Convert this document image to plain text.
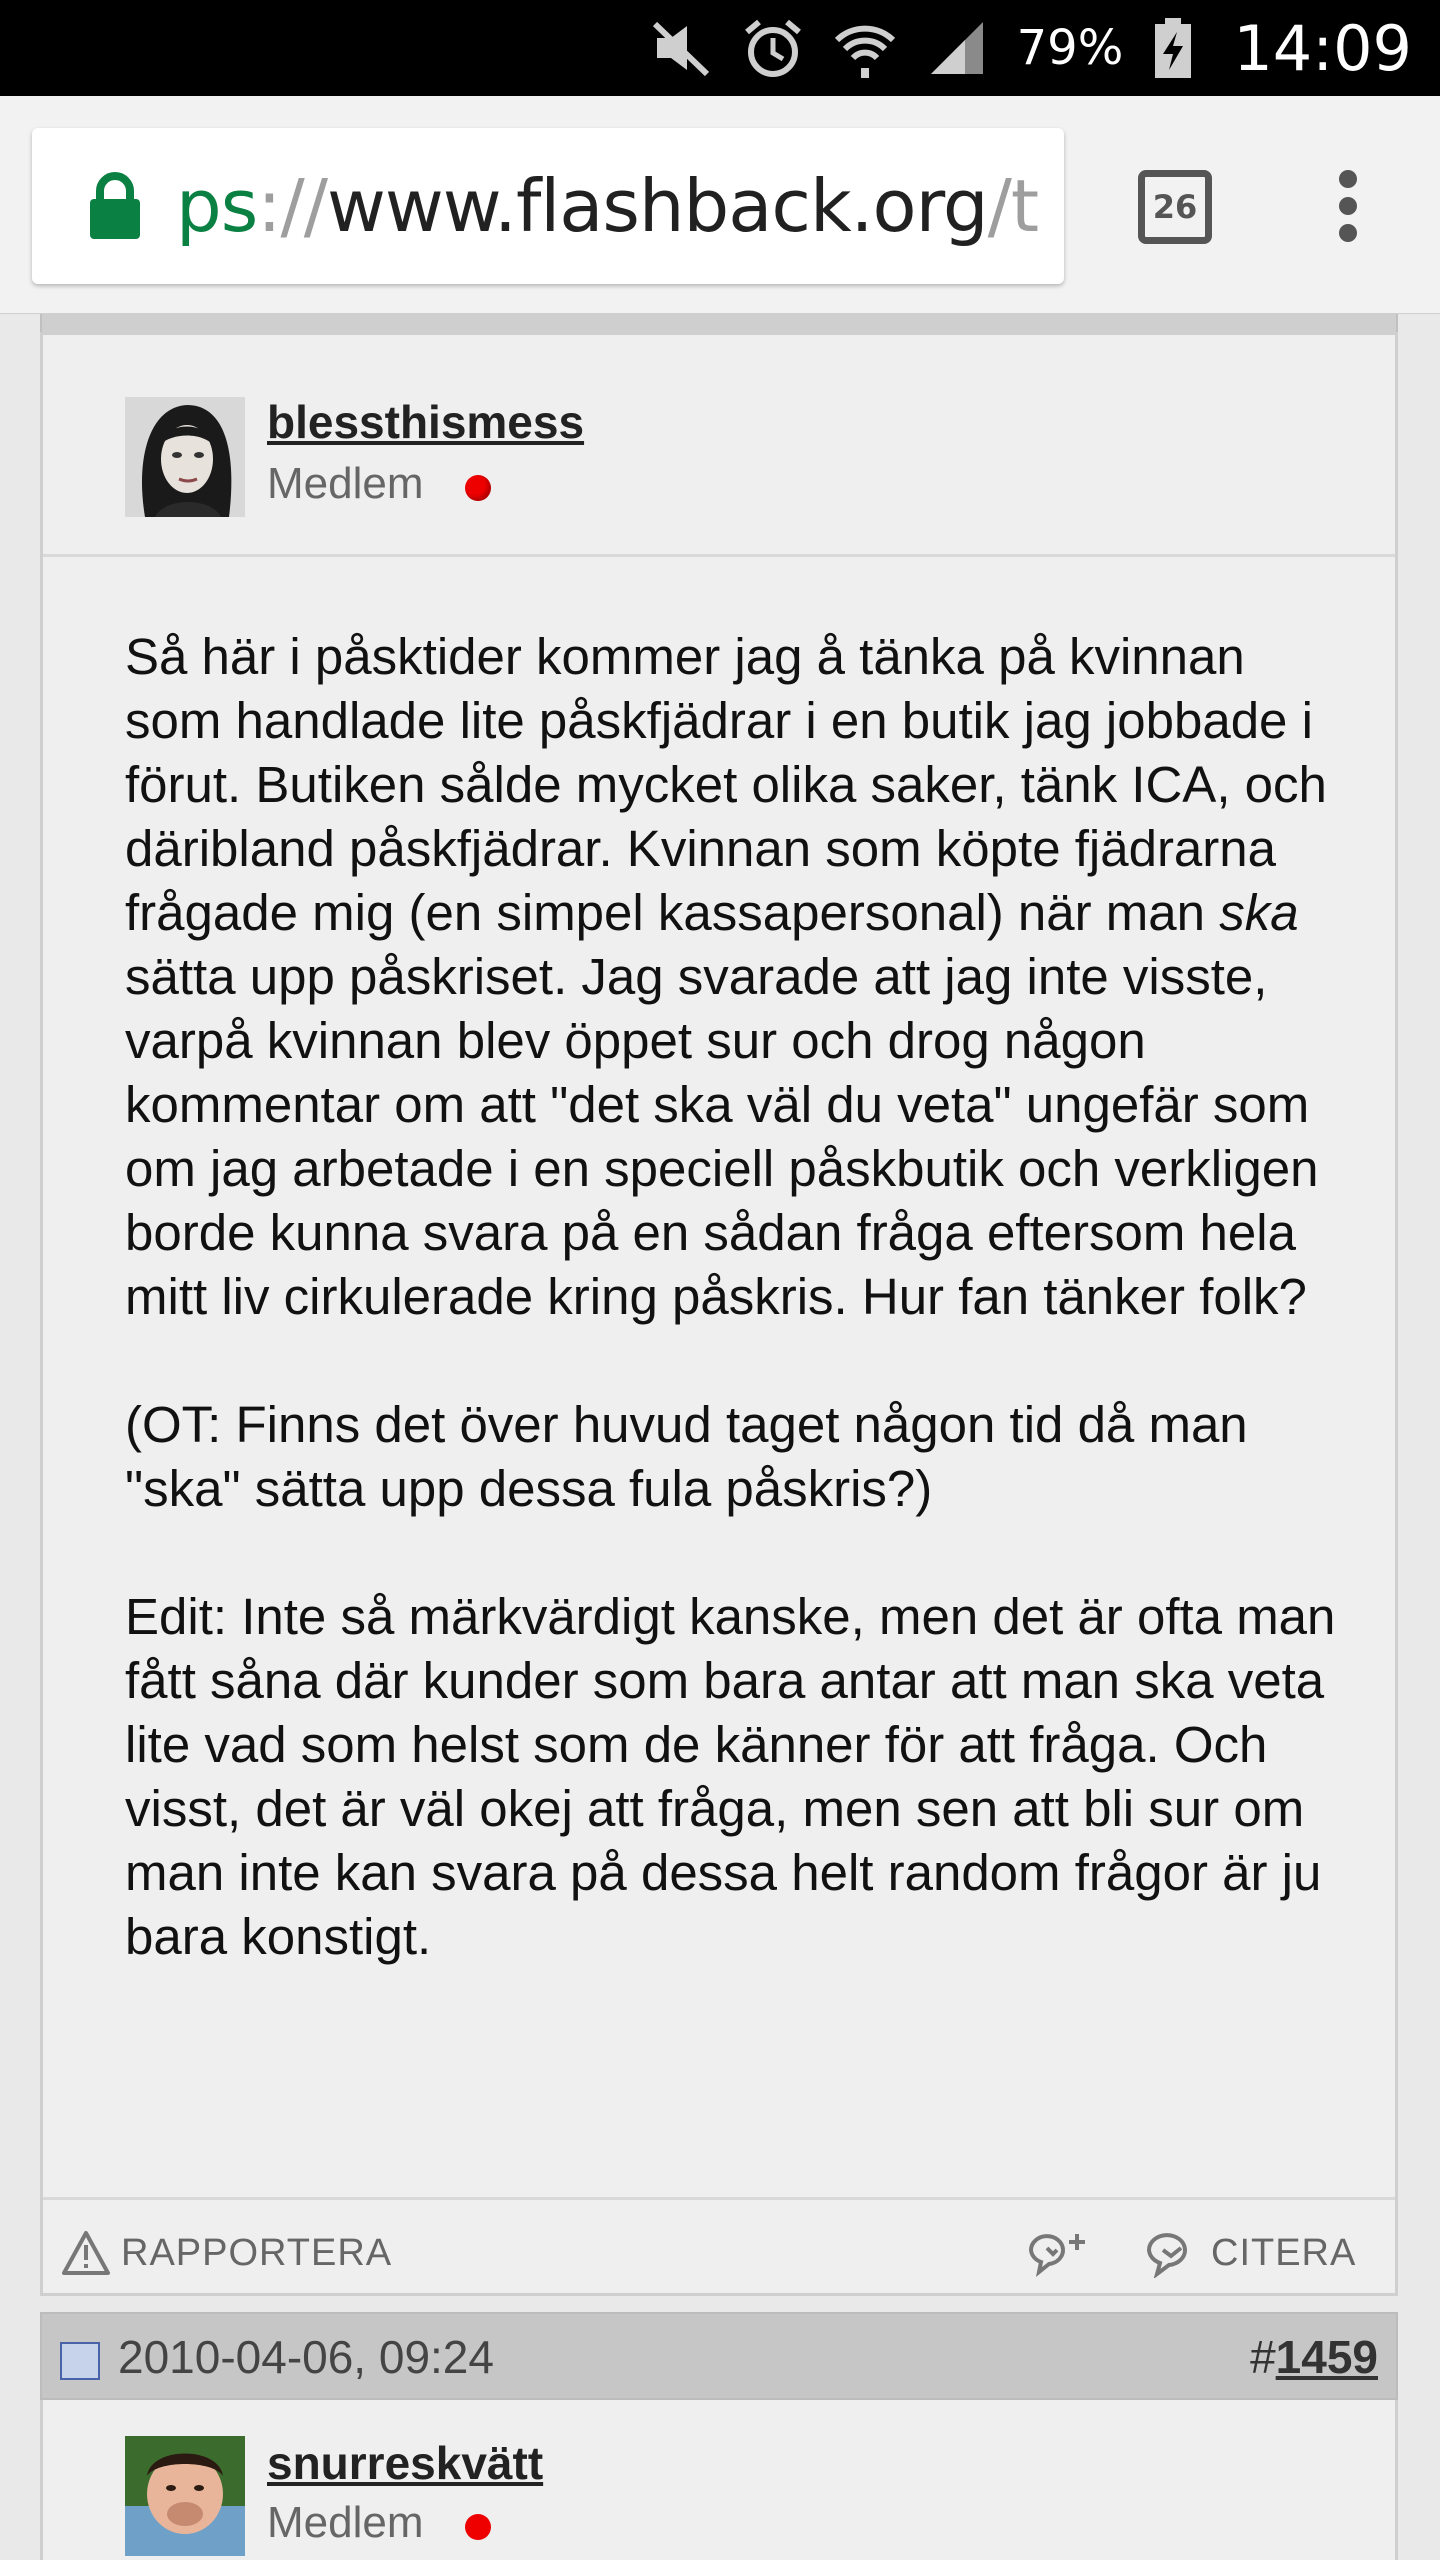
79% 14:09
ps://www.flashback.org/t	26
blessthismess
Medlem

Så här i påsktider kommer jag å tänka på kvinnan som handlade lite påskfjädrar i en butik jag jobbade i förut. Butiken sålde mycket olika saker, tänk ICA, och däribland påskfjädrar. Kvinnan som köpte fjädrarna frågade mig (en simpel kassapersonal) när man ska sätta upp påskriset. Jag svarade att jag inte visste, varpå kvinnan blev öppet sur och drog någon kommentar om att "det ska väl du veta" ungefär som om jag arbetade i en speciell påskbutik och verkligen borde kunna svara på en sådan fråga eftersom hela mitt liv cirkulerade kring påskris. Hur fan tänker folk?

(OT: Finns det över huvud taget någon tid då man "ska" sätta upp dessa fula påskris?)

Edit: Inte så märkvärdigt kanske, men det är ofta man fått såna där kunder som bara antar att man ska veta lite vad som helst som de känner för att fråga. Och visst, det är väl okej att fråga, men sen att bli sur om man inte kan svara på dessa helt random frågor är ju bara konstigt.

RAPPORTERA	CITERA
2010-04-06, 09:24	#1459
snurreskvätt
Medlem
